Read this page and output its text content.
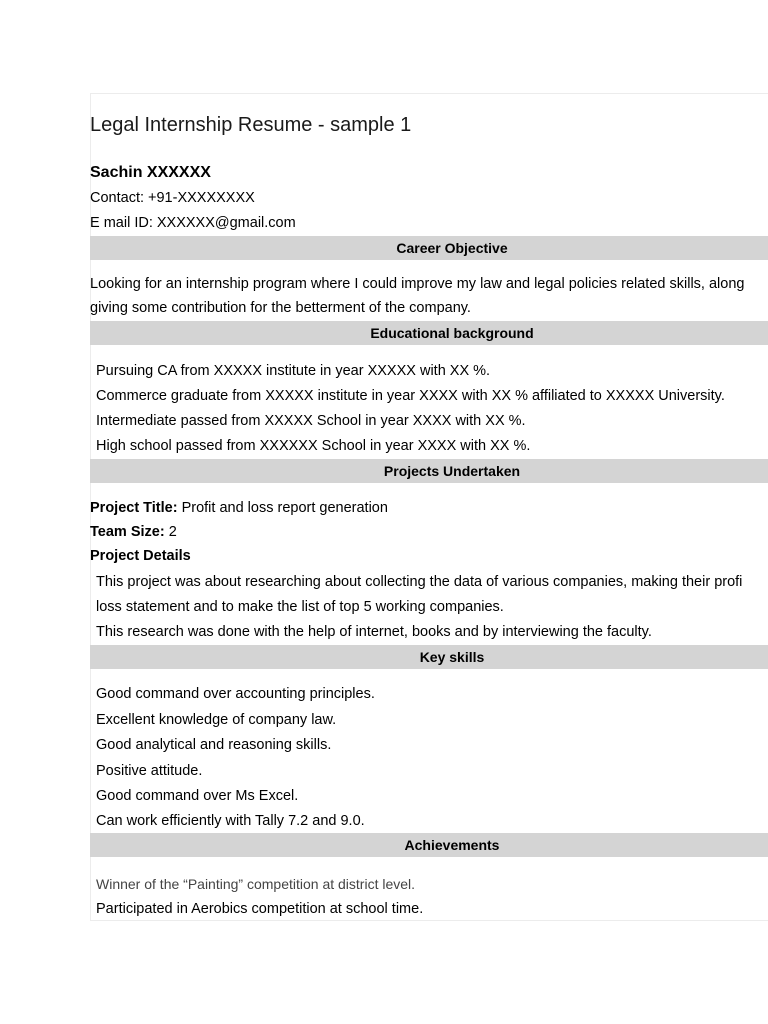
Legal Internship Resume - sample 1
Sachin XXXXXX
Contact: +91-XXXXXXXX
E mail ID: XXXXXX@gmail.com
Career Objective
Looking for an internship program where I could improve my law and legal policies related skills, along
giving some contribution for the betterment of the company.
Educational background
Pursuing CA from XXXXX institute in year XXXXX with XX %.
Commerce graduate from XXXXX institute in year XXXX with XX % affiliated to XXXXX University.
Intermediate passed from XXXXX School in year XXXX with XX %.
High school passed from XXXXXX School in year XXXX with XX %.
Projects Undertaken
Project Title: Profit and loss report generation
Team Size: 2
Project Details
This project was about researching about collecting the data of various companies, making their profi
loss statement and to make the list of top 5 working companies.
This research was done with the help of internet, books and by interviewing the faculty.
Key skills
Good command over accounting principles.
Excellent knowledge of company law.
Good analytical and reasoning skills.
Positive attitude.
Good command over Ms Excel.
Can work efficiently with Tally 7.2 and 9.0.
Achievements
Winner of the “Painting” competition at district level.
Participated in Aerobics competition at school time.
